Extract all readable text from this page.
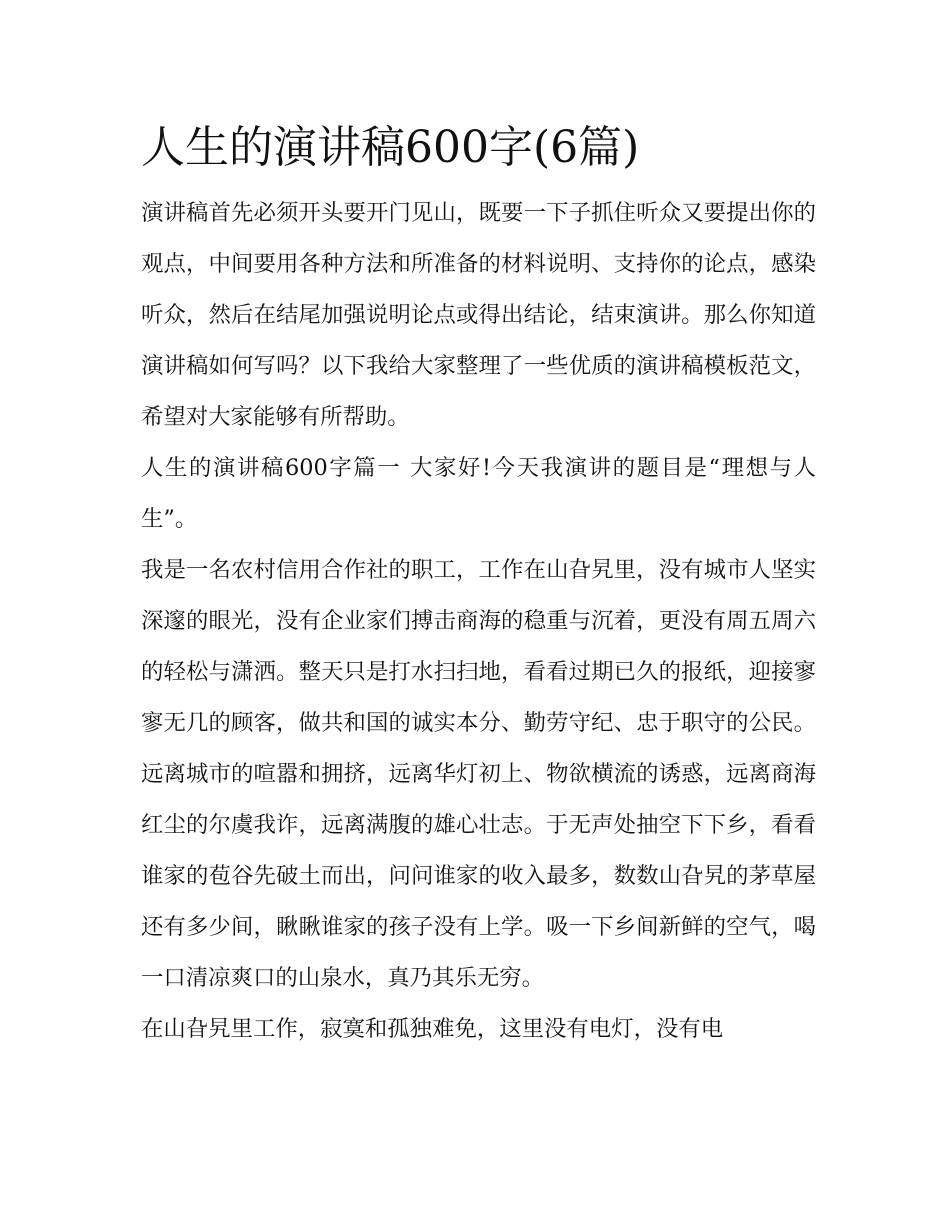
人生的演讲稿600字(6篇)

演讲稿首先必须开头要开门见山，既要一下子抓住听众又要提出你的观点，中间要用各种方法和所准备的材料说明、支持你的论点，感染听众，然后在结尾加强说明论点或得出结论，结束演讲。那么你知道演讲稿如何写吗？以下我给大家整理了一些优质的演讲稿模板范文，希望对大家能够有所帮助。

人生的演讲稿600字篇一 大家好!今天我演讲的题目是“理想与人生”。

我是一名农村信用合作社的职工，工作在山旮旯里，没有城市人坚实深邃的眼光，没有企业家们搏击商海的稳重与沉着，更没有周五周六的轻松与潇洒。整天只是打水扫扫地，看看过期已久的报纸，迎接寥寥无几的顾客，做共和国的诚实本分、勤劳守纪、忠于职守的公民。远离城市的喧嚣和拥挤，远离华灯初上、物欲横流的诱惑，远离商海红尘的尔虞我诈，远离满腹的雄心壮志。于无声处抽空下下乡，看看谁家的苞谷先破土而出，问问谁家的收入最多，数数山旮旯的茅草屋还有多少间，瞅瞅谁家的孩子没有上学。吸一下乡间新鲜的空气，喝一口清凉爽口的山泉水，真乃其乐无穷。

在山旮旯里工作，寂寞和孤独难免，这里没有电灯，没有电
